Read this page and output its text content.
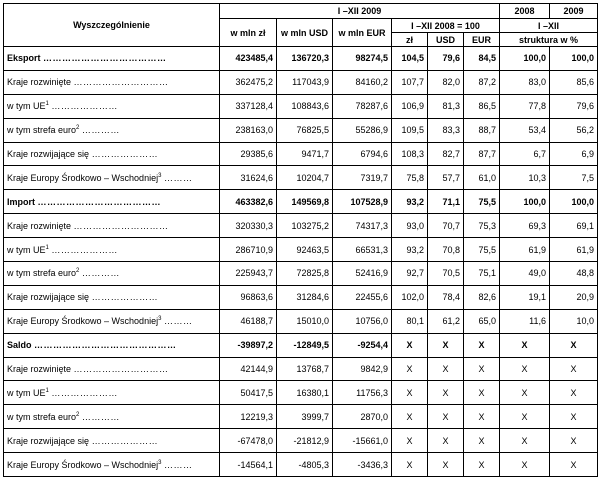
Wyszczególnienie	I –XII 2009						2008	2009
	w mln zł	w mln USD	w mln EUR	I –XII 2008 = 100			I –XII	
				zł	USD	EUR	struktura w %	
Eksport …………………………………	423485,4	136720,3	98274,5	104,5	79,6	84,5	100,0	100,0
Kraje rozwinięte …………………………	362475,2	117043,9	84160,2	107,7	82,0	87,2	83,0	85,6
w tym $UE^1$ …………………	337128,4	108843,6	78287,6	106,9	81,3	86,5	77,8	79,6
w tym strefa euro$^2$ …………	238163,0	76825,5	55286,9	109,5	83,3	88,7	53,4	56,2
Kraje rozwijające się …………………	29385,6	9471,7	6794,6	108,3	82,7	87,7	6,7	6,9
Kraje Europy Środkowo – Wschodniej$^3$ ………	31624,6	10204,7	7319,7	75,8	57,7	61,0	10,3	7,5
Import …………………………………	463382,6	149569,8	107528,9	93,2	71,1	75,5	100,0	100,0
Kraje rozwinięte …………………………	320330,3	103275,2	74317,3	93,0	70,7	75,3	69,3	69,1
w tym $UE^1$ …………………	286710,9	92463,5	66531,3	93,2	70,8	75,5	61,9	61,9
w tym strefa euro$^2$ …………	225943,7	72825,8	52416,9	92,7	70,5	75,1	49,0	48,8
Kraje rozwijające się …………………	96863,6	31284,6	22455,6	102,0	78,4	82,6	19,1	20,9
Kraje Europy Środkowo – Wschodniej$^3$ ………	46188,7	15010,0	10756,0	80,1	61,2	65,0	11,6	10,0
Saldo ………………………………………	-39897,2	-12849,5	-9254,4	X	X	X	X	X
Kraje rozwinięte …………………………	42144,9	13768,7	9842,9	X	X	X	X	X
w tym $UE^1$ …………………	50417,5	16380,1	11756,3	X	X	X	X	X
w tym strefa euro$^2$ …………	12219,3	3999,7	2870,0	X	X	X	X	X
Kraje rozwijające się …………………	-67478,0	-21812,9	-15661,0	X	X	X	X	X
Kraje Europy Środkowo – Wschodniej$^3$ ………	-14564,1	-4805,3	-3436,3	X	X	X	X	X
